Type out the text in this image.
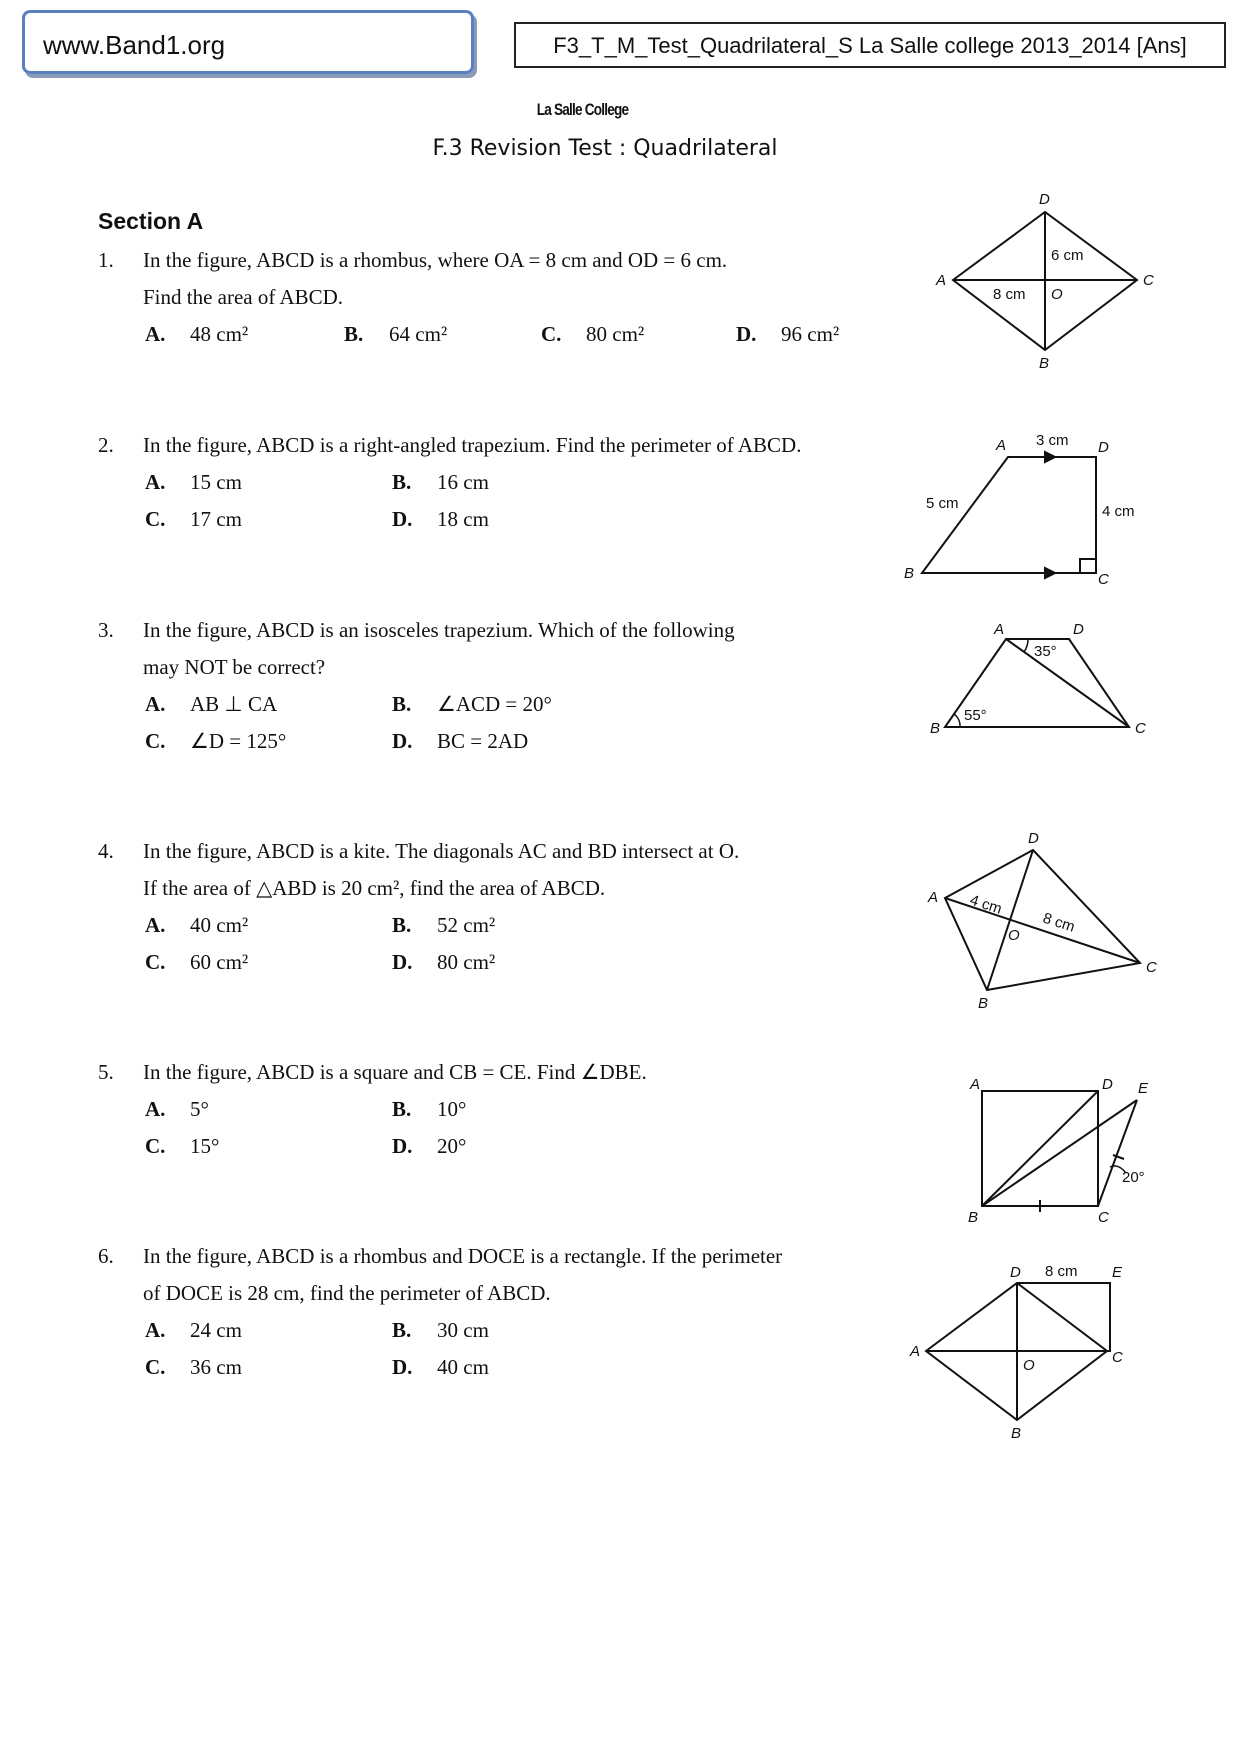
www.Band1.org	F3_T_M_Test_Quadrilateral_S La Salle college 2013_2014 [Ans]
La Salle College
F.3 Revision Test : Quadrilateral
Section A
1. In the figure, ABCD is a rhombus, where OA = 8 cm and OD = 6 cm.
Find the area of ABCD.
A. 48 cm²	B. 64 cm²	C. 80 cm²	D. 96 cm²
2. In the figure, ABCD is a right-angled trapezium. Find the perimeter of ABCD.
A. 15 cm	B. 16 cm
C. 17 cm	D. 18 cm
3. In the figure, ABCD is an isosceles trapezium. Which of the following
may NOT be correct?
A. AB ⊥ CA	B. ∠ACD = 20°
C. ∠D = 125°	D. BC = 2AD
4. In the figure, ABCD is a kite. The diagonals AC and BD intersect at O.
If the area of △ABD is 20 cm², find the area of ABCD.
A. 40 cm²	B. 52 cm²
C. 60 cm²	D. 80 cm²
5. In the figure, ABCD is a square and CB = CE. Find ∠DBE.
A. 5°	B. 10°
C. 15°	D. 20°
6. In the figure, ABCD is a rhombus and DOCE is a rectangle. If the perimeter
of DOCE is 28 cm, find the perimeter of ABCD.
A. 24 cm	B. 30 cm
C. 36 cm	D. 40 cm
D
A	C
B
O
8 cm
6 cm
A	D
C
B
3 cm
5 cm	4 cm
A	D
B	C
35°
55°
D
A
C
B
O
4 cm
8 cm
A	D E
B	C
20°
D	E
A	C
O
B
8 cm
